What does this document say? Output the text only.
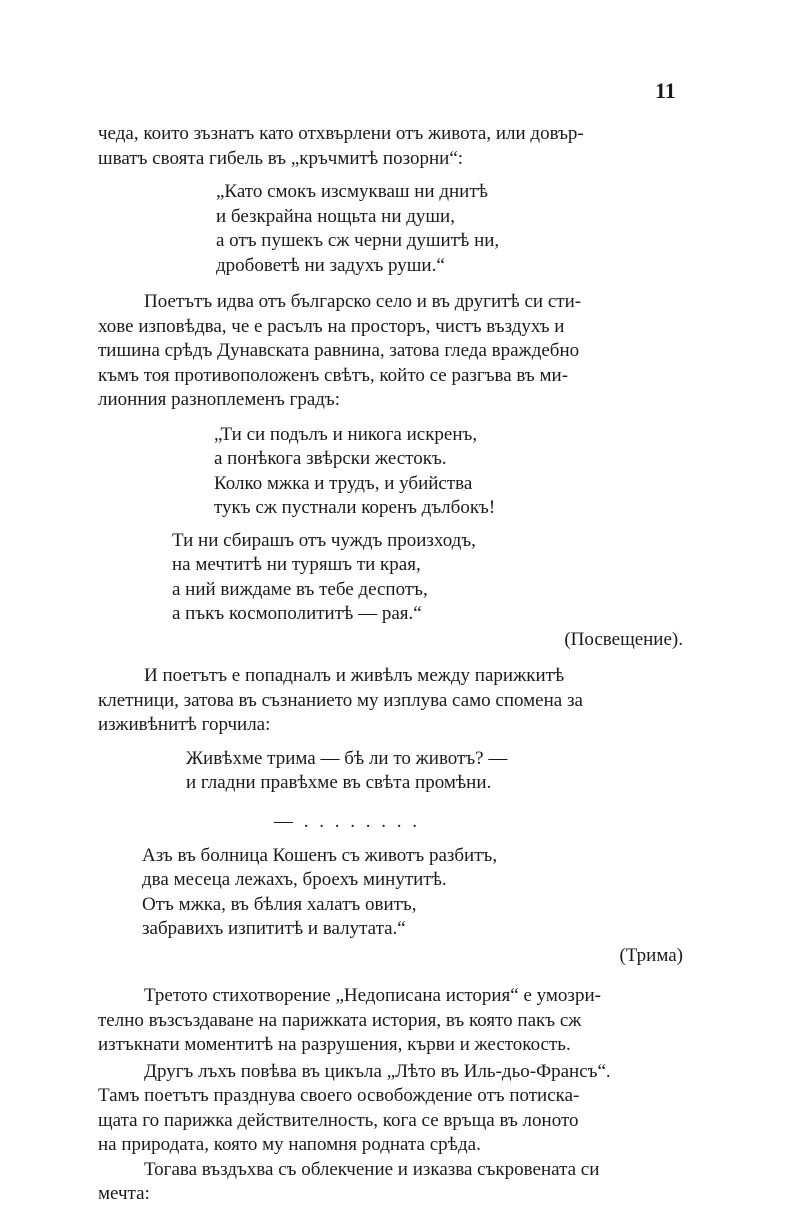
11
чеда, които зъзнатъ като отхвърлени отъ живота, или довър-
шватъ своята гибель въ „кръчмитѣ позорни“:
„Като смокъ изсмукваш ни днитѣ
и безкрайна нощьта ни души,
а отъ пушекъ сж черни душитѣ ни,
дробоветѣ ни задухъ руши.“
Поетътъ идва отъ българско село и въ другитѣ си сти-
хове изповѣдва, че е расълъ на просторъ, чистъ въздухъ и
тишина срѣдъ Дунавската равнина, затова гледа враждебно
къмъ тоя противоположенъ свѣтъ, който се разгъва въ ми-
лионния разноплеменъ градъ:
„Ти си подълъ и никога искренъ,
а понѣкога звѣрски жестокъ.
Колко мжка и трудъ, и убийства
тукъ сж пустнали коренъ дълбокъ!
Ти ни сбирашъ отъ чуждъ произходъ,
на мечтитѣ ни туряшъ ти края,
а ний виждаме въ тебе деспотъ,
а пъкъ космополититѣ — рая.“
(Посвещение).
И поетътъ е попадналъ и живѣлъ между парижкитѣ
клетници, затова въ съзнанието му изплува само спомена за
изживѣнитѣ горчила:
Живѣхме трима — бѣ ли то животъ? —
и гладни правѣхме въ свѣта промѣни.
— . . . . . . . .
Азъ въ болница Кошенъ съ животъ разбитъ,
два месеца лежахъ, броехъ минутитѣ.
Отъ мжка, въ бѣлия халатъ овитъ,
забравихъ изпититѣ и валутата.“
(Трима)
Третото стихотворение „Недописана история“ е умозри-
телно възсъздаване на парижката история, въ която пакъ сж
изтъкнати моментитѣ на разрушения, кърви и жестокость.
Другъ лъхъ повѣва въ цикъла „Лѣто въ Иль-дьо-Франсъ“.
Тамъ поетътъ празднува своего освобождение отъ потиска-
щата го парижка действителность, кога се връща въ лоното
на природата, която му напомня родната срѣда.
Тогава въздъхва съ облекчение и изказва съкровената си
мечта:
